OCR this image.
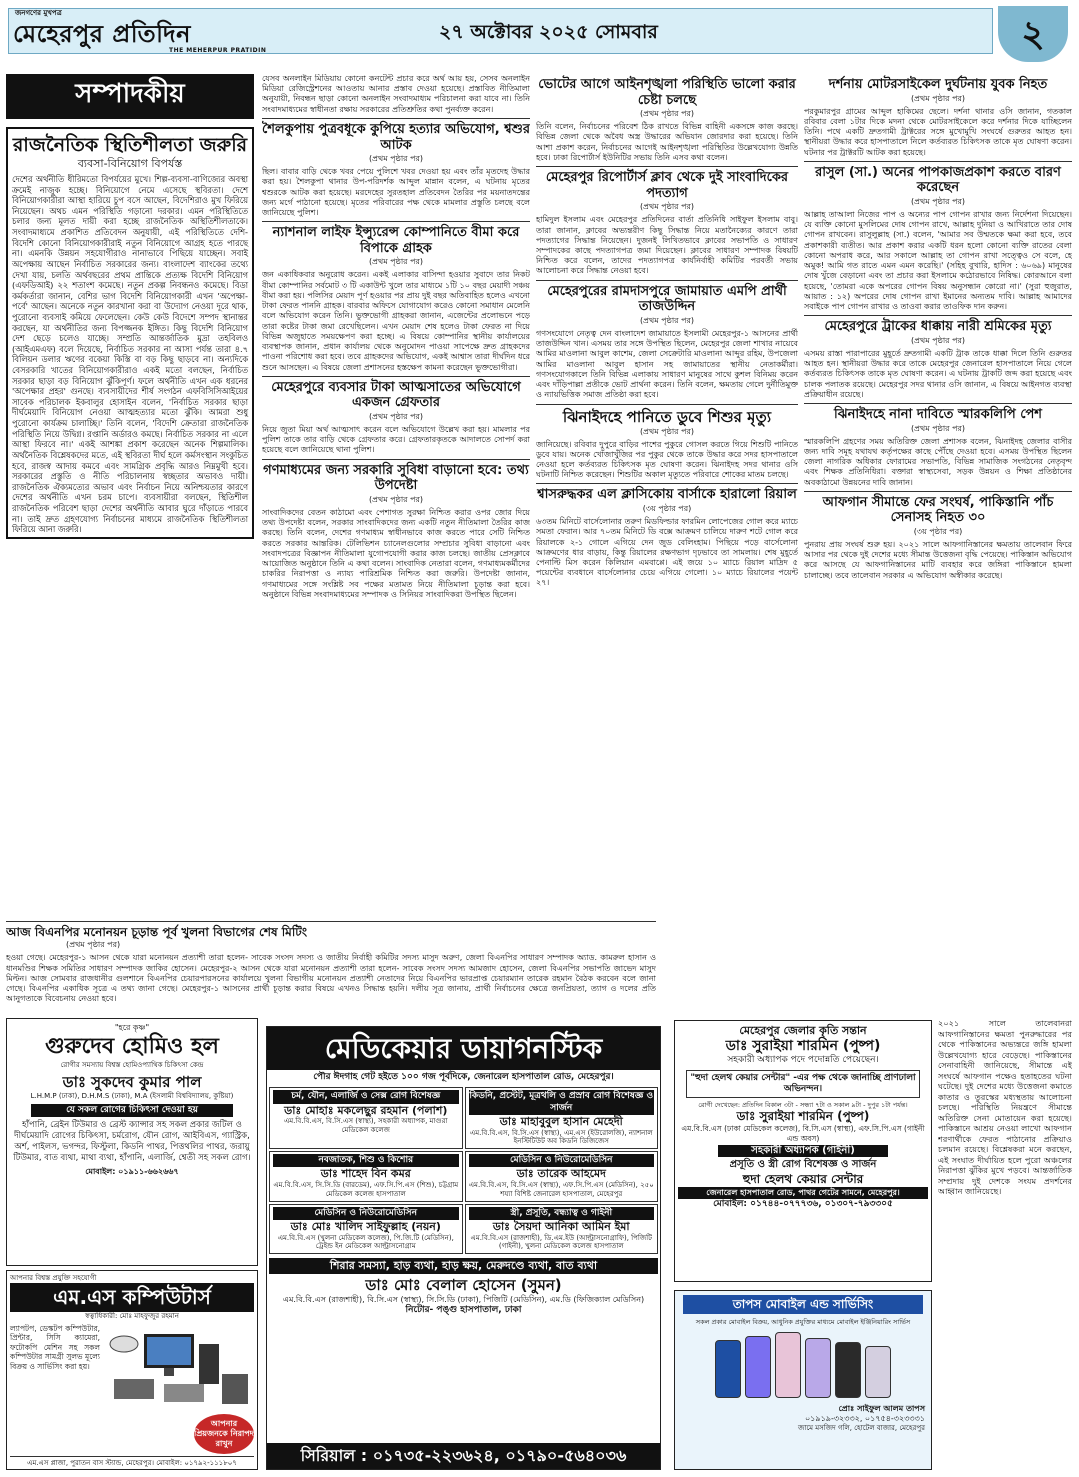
জনগণের মুখপত্র
মেহেরপুর প্রতিদিন
THE MEHERPUR PRATIDIN
২৭ অক্টোবর ২০২৫ সোমবার	২
সম্পাদকীয়
রাজনৈতিক স্থিতিশীলতা জরুরি
ব্যবসা-বিনিয়োগ বিপর্যস্ত
দেশের অর্থনীতি ধীরিমতো বিপর্যয়ের মুখে। শিল্প-ব্যবসা-বাণিজ্যের অবস্থা ক্রমেই নাজুক হচ্ছে। বিনিয়োগে নেমে এসেছে স্থবিরতা। দেশে বিনিয়োগকারীরা আস্থা হারিয়ে চুপ বসে আছেন, বিদেশিরাও মুখ ফিরিয়ে নিয়েছেন। অথচ এমন পরিস্থিতি গড়ানো দরকার। এমন পরিস্থিতিতে চলার জন্য মূলত দায়ী করা হচ্ছে রাজনৈতিক অস্থিতিশীলতাকে। সংবাদমাধ্যমে প্রকাশিত প্রতিবেদন অনুযায়ী, এই পরিস্থিতিতে দেশি-বিদেশি কোনো বিনিয়োগকারীরাই নতুন বিনিয়োগে আগ্রহ হতে পারছে না। এমনকি উন্নয়ন সহযোগীরাও নানাভাবে পিছিয়ে যাচ্ছেন। সবাই অপেক্ষায় আছেন নির্বাচিত সরকারের জন্য। বাংলাদেশ ব্যাংকের তথ্যে দেখা যায়, চলতি অর্থবছরের প্রথম প্রান্তিকে প্রত্যক্ষ বিদেশি বিনিয়োগ (এফডিআই) ২২ শতাংশ কমেছে। নতুন প্রকল্প নিবন্ধনও কমেছে। বিডা কর্মকর্তারা জানান, বেশির ভাগ বিদেশি বিনিয়োগকারী এখন 'অপেক্ষা-পর্বে' আছেন। অনেকে নতুন কারখানা করা বা উদ্যোগ নেওয়া দূরে থাক, পুরোনো ব্যবসাই কমিয়ে ফেলেছেন। কেউ কেউ বিদেশে সম্পদ স্থানান্তর করছেন, যা অর্থনীতির জন্য বিপজ্জনক ইঙ্গিত। কিছু বিদেশি বিনিয়োগ দেশ ছেড়ে চলেও যাচ্ছে। সম্প্রতি আন্তর্জাতিক মুদ্রা তহবিলও (আইএমএফ) বলে দিয়েছে, নির্বাচিত সরকার না আসা পর্যন্ত তারা ৪.৭ বিলিয়ন ডলার ঋণের বকেয়া কিস্তি বা বড় কিছু ছাড়বে না। অন্যদিকে বেসরকারি খাতের বিনিয়োগকারীরাও একই মতো বলছেন, নির্বাচিত সরকার ছাড়া বড় বিনিয়োগ ঝুঁকিপূর্ণ। ফলে অর্থনীতি এখন এক ধরনের 'অপেক্ষার প্রহর' গুনছে। ব্যবসায়ীদের শীর্ষ সংগঠন এফবিসিসিআইয়ের সাবেক পরিচালক ইকবালুর হোসাইন বলেন, 'নির্বাচিত সরকার ছাড়া দীর্ঘমেয়াদি বিনিয়োগ নেওয়া আত্মহত্যার মতো ঝুঁকি। আমরা শুধু পুরোনো কার্যক্রম চালাচ্ছি।' তিনি বলেন, 'বিদেশি ক্রেতারা রাজনৈতিক পরিস্থিতি নিয়ে উদ্বিগ্ন। রপ্তানি অর্ডারও কমছে। নির্বাচিত সরকার না এলে আস্থা ফিরবে না।' একই আশঙ্কা প্রকাশ করেছেন অনেক শিল্পমালিক। অর্থনৈতিক বিশ্লেষকদের মতে, এই স্থবিরতা দীর্ঘ হলে কর্মসংস্থান সংকুচিত হবে, রাজস্ব আদায় কমবে এবং সামগ্রিক প্রবৃদ্ধি আরও নিম্নমুখী হবে। সরকারের প্রস্তুতি ও নীতি পরিচালনায় স্বচ্ছতার অভাবও দায়ী। রাজনৈতিক ঐক্যমত্যের অভাব এবং নির্বাচন নিয়ে অনিশ্চয়তার কারণে দেশের অর্থনীতি এখন চরম চাপে। ব্যবসায়ীরা বলছেন, স্থিতিশীল রাজনৈতিক পরিবেশ ছাড়া দেশের অর্থনীতি আবার ঘুরে দাঁড়াতে পারবে না। তাই দ্রুত গ্রহণযোগ্য নির্বাচনের মাধ্যমে রাজনৈতিক স্থিতিশীলতা ফিরিয়ে আনা জরুরি।
আজ বিএনপির মনোনয়ন চূড়ান্ত পূর্ব খুলনা বিভাগের শেষ মিটিং
(প্রথম পৃষ্ঠার পর)
হওয়া গেছে। মেহেরপুর-১ আসন থেকে যারা মনোনয়ন প্রত্যাশী তারা হলেন- সাবেক সংসদ সদস্য ও জাতীয় নির্বাহী কমিটির সদস্য মাসুদ অরুণ, জেলা বিএনপির সাধারণ সম্পাদক অ্যাড. কামরুল হাসান ও ধানমণ্ডির শিক্ষক সমিতির সাধারণ সম্পাদক জাকির হোসেন। মেহেরপুর-২ আসন থেকে যারা মনোনয়ন প্রত্যাশী তারা হলেন- সাবেক সংসদ সদস্য আমজাদ হোসেন, জেলা বিএনপির সভাপতি জাভেদ মাসুদ মিল্টন। আজ সোমবার রাজধানীর গুলশানে বিএনপির চেয়ারপারসনের কার্যালয়ে খুলনা বিভাগীয় মনোনয়ন প্রত্যাশী নেতাদের নিয়ে বিএনপির ভারপ্রাপ্ত চেয়ারম্যান তারেক রহমান বৈঠক করবেন বলে জানা গেছে। বিএনপির একাধিক সূত্রে এ তথ্য জানা গেছে। মেহেরপুর-১ আসনের প্রার্থী চূড়ান্ত করার বিষয়ে এখনও সিদ্ধান্ত হয়নি। দলীয় সূত্র জানায়, প্রার্থী নির্বাচনের ক্ষেত্রে জনপ্রিয়তা, ত্যাগ ও দলের প্রতি আনুগত্যকে বিবেচনায় নেওয়া হবে।
যেসব অনলাইন মিডিয়ায় কোনো কনটেন্ট প্রচার করে অর্থ আয় হয়, সেসব অনলাইন মিডিয়া রেজিস্ট্রেশনের আওতায় আনার প্রস্তাব দেওয়া হয়েছে। প্রস্তাবিত নীতিমালা অনুযায়ী, নিবন্ধন ছাড়া কোনো অনলাইন সংবাদমাধ্যম পরিচালনা করা যাবে না। তিনি সংবাদমাধ্যমের স্বাধীনতা রক্ষায় সরকারের প্রতিশ্রুতির কথা পুনর্ব্যক্ত করেন।
শৈলকুপায় পুত্রবধূকে কুপিয়ে হত্যার অভিযোগ, শ্বশুর আটক
(প্রথম পৃষ্ঠার পর)
ছিল। বাবার বাড়ি থেকে খবর পেয়ে পুলিশে খবর দেওয়া হয় এবং তাঁর মৃতদেহ উদ্ধার করা হয়। শৈলকুপা থানার উপ-পরিদর্শক আব্দুল মান্নান বলেন, এ ঘটনায় মৃতের শ্বশুরকে আটক করা হয়েছে। মরদেহের সুরতহাল প্রতিবেদন তৈরির পর ময়নাতদন্তের জন্য মর্গে পাঠানো হয়েছে। মৃতের পরিবারের পক্ষ থেকে মামলার প্রস্তুতি চলছে বলে জানিয়েছে পুলিশ।
ন্যাশনাল লাইফ ইন্স্যুরেন্স কোম্পানিতে বীমা করে বিপাকে গ্রাহক
(প্রথম পৃষ্ঠার পর)
জন একাধিকবার অনুরোধ করেন। একই এলাকার বাসিন্দা হওয়ার সুবাদে তার নিকট বীমা কোম্পানির সর্বমোট ৩ টি একাউন্ট খুলে তার মাধ্যমে ১টি ১০ বছর মেয়াদী সঞ্চয় বীমা করা হয়। পলিসির মেয়াদ পূর্ণ হওয়ার পর প্রায় দুই বছর অতিবাহিত হলেও এখনো টাকা ফেরত পাননি গ্রাহক। বারবার অফিসে যোগাযোগ করেও কোনো সমাধান মেলেনি বলে অভিযোগ করেন তিনি। ভুক্তভোগী গ্রাহকরা জানান, এজেন্টের প্রলোভনে পড়ে তারা কষ্টের টাকা জমা রেখেছিলেন। এখন মেয়াদ শেষ হলেও টাকা ফেরত না দিয়ে বিভিন্ন অজুহাতে সময়ক্ষেপণ করা হচ্ছে। এ বিষয়ে কোম্পানির স্থানীয় কার্যালয়ের ব্যবস্থাপক জানান, প্রধান কার্যালয় থেকে অনুমোদন পাওয়া সাপেক্ষে দ্রুত গ্রাহকদের পাওনা পরিশোধ করা হবে। তবে গ্রাহকদের অভিযোগ, একই আশ্বাস তারা দীর্ঘদিন ধরে শুনে আসছেন। এ বিষয়ে জেলা প্রশাসনের হস্তক্ষেপ কামনা করেছেন ভুক্তভোগীরা।
মেহেরপুরে ব্যবসার টাকা আত্মসাতের অভিযোগে একজন গ্রেফতার
(প্রথম পৃষ্ঠার পর)
নিয়ে জুতা মিয়া অর্থ আত্মসাৎ করেন বলে অভিযোগে উল্লেখ করা হয়। মামলার পর পুলিশ তাকে তার বাড়ি থেকে গ্রেফতার করে। গ্রেফতারকৃতকে আদালতে সোপর্দ করা হয়েছে বলে জানিয়েছে থানা পুলিশ।
গণমাধ্যমের জন্য সরকারি সুবিধা বাড়ানো হবে: তথ্য উপদেষ্টা
(প্রথম পৃষ্ঠার পর)
সাংবাদিকদের বেতন কাঠামো এবং পেশাগত সুরক্ষা নিশ্চিত করার ওপর জোর দিয়ে তথ্য উপদেষ্টা বলেন, সরকার সাংবাদিকদের জন্য একটি নতুন নীতিমালা তৈরির কাজ করছে। তিনি বলেন, দেশের গণমাধ্যম স্বাধীনভাবে কাজ করতে পারে সেটি নিশ্চিত করতে সরকার আন্তরিক। টেলিভিশন চ্যানেলগুলোর সম্প্রচার সুবিধা বাড়ানো এবং সংবাদপত্রের বিজ্ঞাপন নীতিমালা যুগোপযোগী করার কাজ চলছে। জাতীয় প্রেসক্লাবে আয়োজিত অনুষ্ঠানে তিনি এ কথা বলেন। সাংবাদিক নেতারা বলেন, গণমাধ্যমকর্মীদের চাকরির নিরাপত্তা ও ন্যায্য পারিশ্রমিক নিশ্চিত করা জরুরি। উপদেষ্টা জানান, গণমাধ্যমের সঙ্গে সংশ্লিষ্ট সব পক্ষের মতামত নিয়ে নীতিমালা চূড়ান্ত করা হবে। অনুষ্ঠানে বিভিন্ন সংবাদমাধ্যমের সম্পাদক ও সিনিয়র সাংবাদিকরা উপস্থিত ছিলেন।
ভোটের আগে আইনশৃঙ্খলা পরিস্থিতি ভালো করার চেষ্টা চলছে
(প্রথম পৃষ্ঠার পর)
তিনি বলেন, নির্বাচনের পরিবেশ ঠিক রাখতে বিভিন্ন বাহিনী একসঙ্গে কাজ করছে। বিভিন্ন জেলা থেকে অবৈধ অস্ত্র উদ্ধারের অভিযান জোরদার করা হয়েছে। তিনি আশা প্রকাশ করেন, নির্বাচনের আগেই আইনশৃঙ্খলা পরিস্থিতির উল্লেখযোগ্য উন্নতি হবে। ঢাকা রিপোর্টার্স ইউনিটির সভায় তিনি এসব কথা বলেন।
মেহেরপুর রিপোর্টার্স ক্লাব থেকে দুই সাংবাদিকের পদত্যাগ
(প্রথম পৃষ্ঠার পর)
হামিদুল ইসলাম এবং মেহেরপুর প্রতিদিনের বার্তা প্রতিনিধি সাইফুল ইসলাম বাবু। তারা জানান, ক্লাবের অভ্যন্তরীণ কিছু সিদ্ধান্ত নিয়ে মতানৈক্যের কারণে তারা পদত্যাগের সিদ্ধান্ত নিয়েছেন। দুজনই লিখিতভাবে ক্লাবের সভাপতি ও সাধারণ সম্পাদকের কাছে পদত্যাগপত্র জমা দিয়েছেন। ক্লাবের সাধারণ সম্পাদক বিষয়টি নিশ্চিত করে বলেন, তাদের পদত্যাগপত্র কার্যনির্বাহী কমিটির পরবর্তী সভায় আলোচনা করে সিদ্ধান্ত নেওয়া হবে।
মেহেরপুরের রামদাসপুরে জামায়াত এমপি প্রার্থী তাজউদ্দিন
(প্রথম পৃষ্ঠার পর)
গণসংযোগে নেতৃত্ব দেন বাংলাদেশ জামায়াতে ইসলামী মেহেরপুর-১ আসনের প্রার্থী তাজউদ্দিন খান। এসময় তার সঙ্গে উপস্থিত ছিলেন, মেহেরপুর জেলা শাখার নায়েবে আমির মাওলানা আবুল কাশেম, জেলা সেক্রেটারি মাওলানা আব্দুর রহিম, উপজেলা আমির মাওলানা আবুল হাসান সহ জামায়াতের স্থানীয় নেতাকর্মীরা। গণসংযোগকালে তিনি বিভিন্ন এলাকায় সাধারণ মানুষের সাথে কুশল বিনিময় করেন এবং দাঁড়িপাল্লা প্রতীকে ভোট প্রার্থনা করেন। তিনি বলেন, ক্ষমতায় গেলে দুর্নীতিমুক্ত ও ন্যায়ভিত্তিক সমাজ প্রতিষ্ঠা করা হবে।
ঝিনাইদহে পানিতে ডুবে শিশুর মৃত্যু
(প্রথম পৃষ্ঠার পর)
জানিয়েছে। রবিবার দুপুরে বাড়ির পাশের পুকুরে গোসল করতে গিয়ে শিশুটি পানিতে ডুবে যায়। অনেক খোঁজাখুঁজির পর পুকুর থেকে তাকে উদ্ধার করে সদর হাসপাতালে নেওয়া হলে কর্তব্যরত চিকিৎসক মৃত ঘোষণা করেন। ঝিনাইদহ সদর থানার ওসি ঘটনাটি নিশ্চিত করেছেন। শিশুটির অকাল মৃত্যুতে পরিবারে শোকের মাতম চলছে।
শ্বাসরুদ্ধকর এল ক্লাসিকোয় বার্সাকে হারালো রিয়াল
(৩য় পৃষ্ঠার পর)
৬৩তম মিনিটে বার্সেলোনার তরুণ মিডফিল্ডার ফারমিন লোপেজের গোল করে ম্যাচে সমতা ফেরান। আর ৭০তম মিনিটে ডি বক্সে আক্রমণ চালিয়ে দারুণ শটে গোল করে রিয়ালকে ২-১ গোলে এগিয়ে দেন জুড বেলিংহাম। পিছিয়ে পড়ে বার্সেলোনা আক্রমণের ধার বাড়ায়, কিন্তু রিয়ালের রক্ষণভাগ দৃঢ়ভাবে তা সামলায়। শেষ মুহূর্তে পেনাল্টি মিস করেন কিলিয়ান এমবাপ্পে। এই জয়ে ১০ ম্যাচে রিয়াল মাদ্রিদ ৫ পয়েন্টের ব্যবধানে বার্সেলোনার চেয়ে এগিয়ে গেলো। ১০ ম্যাচে রিয়ালের পয়েন্ট ২৭।
দর্শনায় মোটরসাইকেল দুর্ঘটনায় যুবক নিহত
(প্রথম পৃষ্ঠার পর)
পরকুমারপুর গ্রামের আব্দুল হাকিমের ছেলে। দর্শনা থানার ওসি জানান, গতকাল রবিবার বেলা ১টার দিকে মদনা থেকে মোটরসাইকেলে করে দর্শনার দিকে যাচ্ছিলেন তিনি। পথে একটি দ্রুতগামী ট্রাক্টরের সঙ্গে মুখোমুখি সংঘর্ষে গুরুতর আহত হন। স্থানীয়রা উদ্ধার করে হাসপাতালে নিলে কর্তব্যরত চিকিৎসক তাকে মৃত ঘোষণা করেন। ঘটনার পর ট্রাক্টরটি আটক করা হয়েছে।
রাসুল (সা.) অনের পাপকাজপ্রকাশ করতে বারণ করেছেন
(প্রথম পৃষ্ঠার পর)
আল্লাহ তাআলা নিজের পাপ ও অন্যের পাপ গোপন রাখার জন্য নির্দেশনা দিয়েছেন। যে ব্যক্তি কোনো মুসলিমের দোষ গোপন রাখে, আল্লাহ দুনিয়া ও আখিরাতে তার দোষ গোপন রাখবেন। রাসুলুল্লাহ (সা.) বলেন, 'আমার সব উম্মতকে ক্ষমা করা হবে, তবে প্রকাশকারী ব্যতীত। আর প্রকাশ করার একটি ধরন হলো কোনো ব্যক্তি রাতের বেলা কোনো অপরাধ করে, আর সকালে আল্লাহ তা গোপন রাখা সত্ত্বেও সে বলে, হে অমুক! আমি গত রাতে এমন এমন করেছি।' (সহিহ বুখারি, হাদিস : ৬০৬৯) মানুষের দোষ খুঁজে বেড়ানো এবং তা প্রচার করা ইসলামে কঠোরভাবে নিষিদ্ধ। কোরআনে বলা হয়েছে, 'তোমরা একে অপরের গোপন বিষয় অনুসন্ধান কোরো না।' (সুরা হুজুরাত, আয়াত : ১২) অপরের দোষ গোপন রাখা ইমানের অন্যতম দাবি। আল্লাহ আমাদের সবাইকে পাপ গোপন রাখার ও তাওবা করার তাওফিক দান করুন।
মেহেরপুরে ট্রাকের ধাক্কায় নারী শ্রমিকের মৃত্যু
(প্রথম পৃষ্ঠার পর)
এসময় রাস্তা পারাপারের মুহূর্তে দ্রুতগামী একটি ট্রাক তাকে ধাক্কা দিলে তিনি গুরুতর আহত হন। স্থানীয়রা উদ্ধার করে তাকে মেহেরপুর জেনারেল হাসপাতালে নিয়ে গেলে কর্তব্যরত চিকিৎসক তাকে মৃত ঘোষণা করেন। এ ঘটনায় ট্রাকটি জব্দ করা হয়েছে এবং চালক পলাতক রয়েছে। মেহেরপুর সদর থানার ওসি জানান, এ বিষয়ে আইনগত ব্যবস্থা প্রক্রিয়াধীন রয়েছে।
ঝিনাইদহে নানা দাবিতে স্মারকলিপি পেশ
(প্রথম পৃষ্ঠার পর)
স্মারকলিপি গ্রহণের সময় অতিরিক্ত জেলা প্রশাসক বলেন, ঝিনাইদহ জেলার বাসীর জন্য দাবি সমূহ যথাযথ কর্তৃপক্ষের কাছে পৌঁছে দেওয়া হবে। এসময় উপস্থিত ছিলেন জেলা নাগরিক অধিকার ফোরামের সভাপতি, বিভিন্ন সামাজিক সংগঠনের নেতৃবৃন্দ এবং শিক্ষক প্রতিনিধিরা। বক্তারা স্বাস্থ্যসেবা, সড়ক উন্নয়ন ও শিক্ষা প্রতিষ্ঠানের অবকাঠামো উন্নয়নের দাবি জানান।
আফগান সীমান্তে ফের সংঘর্ষ, পাকিস্তানি পাঁচ সেনাসহ নিহত ৩০
(৩য় পৃষ্ঠার পর)
পুনরায় প্রায় সংঘর্ষ শুরু হয়। ২০২১ সালে আফগানিস্তানের ক্ষমতায় তালেবান ফিরে আসার পর থেকে দুই দেশের মধ্যে সীমান্ত উত্তেজনা বৃদ্ধি পেয়েছে। পাকিস্তান অভিযোগ করে আসছে যে আফগানিস্তানের মাটি ব্যবহার করে জঙ্গিরা পাকিস্তানে হামলা চালাচ্ছে। তবে তালেবান সরকার এ অভিযোগ অস্বীকার করেছে।
"হরে কৃষ্ণ"
গুরুদেব হোমিও হল
রোগীর সমস্যায় বিশ্বস্ত হোমিওপ্যাথিক চিকিৎসা কেন্দ্র
ডাঃ সুকদেব কুমার পাল
L.H.M.P (ঢাকা), D.H.M.S (ঢাকা), M.A (ইসলামী বিশ্ববিদ্যালয়, কুষ্টিয়া)
যে সকল রোগের চিকিৎসা দেওয়া হয়
হাঁপানি, ব্রেইন টিউমার ও ব্রেস্ট ক্যান্সার সহ সকল প্রকার জটিল ও দীর্ঘমেয়াদি রোগের চিকিৎসা, চর্মরোগ, যৌন রোগ, আইবিএস, গ্যাস্ট্রিক, অর্শ, পাইলস, ভগন্দর, ফিস্টুলা, কিডনি পাথর, পিত্তথলির পাথর, জরায়ু টিউমার, বাত ব্যথা, মাথা ব্যথা, হাঁপানি, এলার্জি, শ্বেতী সহ সকল রোগ।
মোবাইল: ০১৯১১-৬৬২৬৬৭
আপনার বিশ্বস্ত প্রযুক্তি সহযোগী
এম.এস কম্পিউটার্স
স্বত্বাধিকারী: মোঃ মাহফুজুর রহমান
ল্যাপটপ, ডেস্কটপ কম্পিউটার, প্রিন্টার, সিসি ক্যামেরা, ফটোকপি মেশিন সহ সকল কম্পিউটার সামগ্রী সুলভ মূল্যে বিক্রয় ও সার্ভিসিং করা হয়।
আপনার প্রিয়জনকে নিরাপদ রাখুন
এম.এস প্লাজা, পুরাতন বাস স্ট্যান্ড, মেহেরপুর। মোবাইল: ০১৭৯২-১১১৮০৭
মেডিকেয়ার ডায়াগনস্টিক
পৌর ঈদগাহ গেট হইতে ১০০ গজ পূর্বদিকে, জেনারেল হাসপাতাল রোড, মেহেরপুর।
চর্ম, যৌন, এলার্জি ও সেক্স রোগ বিশেষজ্ঞ
ডাঃ মোহাঃ মকলেছুর রহমান (পলাশ)
এম.বি.বি.এস, বি.সি.এস (স্বাস্থ্য), সহকারী অধ্যাপক, মাগুরা মেডিকেল কলেজ
কিডনি, প্রস্টেট, মূত্রথলি ও প্রস্রাব রোগ বিশেষজ্ঞ ও সার্জন
ডাঃ মাহাবুবুল হাসান মেহেদী
এম.বি.বি.এস, বি.সি.এস (স্বাস্থ্য), এম.এস (ইউরোলজি), ন্যাশনাল ইনস্টিটিউট অব কিডনি ডিজিজেস
নবজাতক, শিশু ও কিশোর
ডাঃ শাহেদ বিন কমর
এম.বি.বি.এস, সি.সি.ডি (বারডেম), এফ.সি.পি.এস (শিশু), চট্টগ্রাম মেডিকেল কলেজ হাসপাতাল
মেডিসিন ও নিউরোমেডিসিন
ডাঃ তারেক আহমেদ
এম.বি.বি.এস, বি.সি.এস (স্বাস্থ্য), এফ.সি.পি.এস (মেডিসিন), ২৫০ শয্যা বিশিষ্ট জেনারেল হাসপাতাল, মেহেরপুর
মেডিসিন ও নিউরোমেডিসিন
ডাঃ মোঃ খালিদ সাইফুল্লাহ (নয়ন)
এম.বি.বি.এস (খুলনা মেডিকেল কলেজ), পি.জি.টি (মেডিসিন), ট্রেইন্ড ইন মেডিকেল আল্ট্রাসনোগ্রাম
স্ত্রী, প্রসূতি, বন্ধ্যাত্ব ও গাইনী
ডাঃ সৈয়দা আনিকা আমিন ইমা
এম.বি.বি.এস (রাজশাহী), ডি.এম.ইউ (আল্ট্রাসনোগ্রাফি), পিজিটি (গাইনী), খুলনা মেডিকেল কলেজ হাসপাতাল
শিরার সমস্যা, হাড় ব্যথা, হাড় ক্ষয়, মেরুদণ্ডে ব্যথা, বাত ব্যথা
ডাঃ মোঃ বেলাল হোসেন (সুমন)
এম.বি.বি.এস (রাজশাহী), বি.সি.এস (স্বাস্থ্য), সি.সি.ডি (ঢাকা), পিজিটি (মেডিসিন), এম.ডি (ফিজিক্যাল মেডিসিন)
নিটোর- পঙ্গু হাসপাতাল, ঢাকা
সিরিয়াল : ০১৭৩৫-২২৩৬২৪, ০১৭৯০-৫৬৪০৩৬
মেহেরপুর জেলার কৃতি সন্তান
ডাঃ সুরাইয়া শারমিন (পুষ্প)
সহকারী অধ্যাপক পদে পদোন্নতি পেয়েছেন।
"হুদা হেলথ কেয়ার সেন্টার" -এর পক্ষ থেকে জানাচ্ছি প্রাণঢালা অভিনন্দন।
রোগী দেখেছেন: প্রতিদিন বিকাল ৩টা - সন্ধ্যা ৭টা ও সকাল ৯টা - দুপুর ১টা পর্যন্ত।
ডাঃ সুরাইয়া শারমিন (পুষ্প)
এম.বি.বি.এস (ঢাকা মেডিকেল কলেজ), বি.সি.এস (স্বাস্থ্য), এফ.সি.পি.এস (গাইনী এন্ড অবস)
সহকারী অধ্যাপক (গাইনী)
প্রসূতি ও স্ত্রী রোগ বিশেষজ্ঞ ও সার্জন
হুদা হেলথ কেয়ার সেন্টার
জেনারেল হাসপাতাল রোড, পাথর গেটের সামনে, মেহেরপুর।
মোবাইল: ০১৭৪৪-০৭৭৭৩৬, ০১৩০৭-৭৯৩৩০৫
তাপস মোবাইল এন্ড সার্ভিসিং
সকল প্রকার মোবাইল বিক্রয়, আধুনিক প্রযুক্তির মাধ্যমে মোবাইল ইঞ্জিনিয়ারিং সার্ভিস
প্রোঃ সাইফুল আলম তাপস
০১৯১৯-৩২৩৩২, ০১৭৫৪-৩২৩৩৩১
জামে মসজিদ গলি, হোটেল বাজার, মেহেরপুর
২০২১ সালে তালেবানরা আফগানিস্তানের ক্ষমতা পুনরুদ্ধারের পর থেকে পাকিস্তানের অভ্যন্তরে জঙ্গি হামলা উল্লেখযোগ্য হারে বেড়েছে। পাকিস্তানের সেনাবাহিনী জানিয়েছে, সীমান্তে এই সংঘর্ষে আফগান পক্ষেও হতাহতের ঘটনা ঘটেছে। দুই দেশের মধ্যে উত্তেজনা কমাতে কাতার ও তুরস্কের মধ্যস্থতায় আলোচনা চলছে। পরিস্থিতি নিয়ন্ত্রণে সীমান্তে অতিরিক্ত সেনা মোতায়েন করা হয়েছে। পাকিস্তানে আশ্রয় নেওয়া লাখো আফগান শরণার্থীকে ফেরত পাঠানোর প্রক্রিয়াও চলমান রয়েছে। বিশ্লেষকরা মনে করছেন, এই সংঘাত দীর্ঘায়িত হলে পুরো অঞ্চলের নিরাপত্তা ঝুঁকির মুখে পড়বে। আন্তর্জাতিক সম্প্রদায় দুই দেশকে সংযম প্রদর্শনের আহ্বান জানিয়েছে।
